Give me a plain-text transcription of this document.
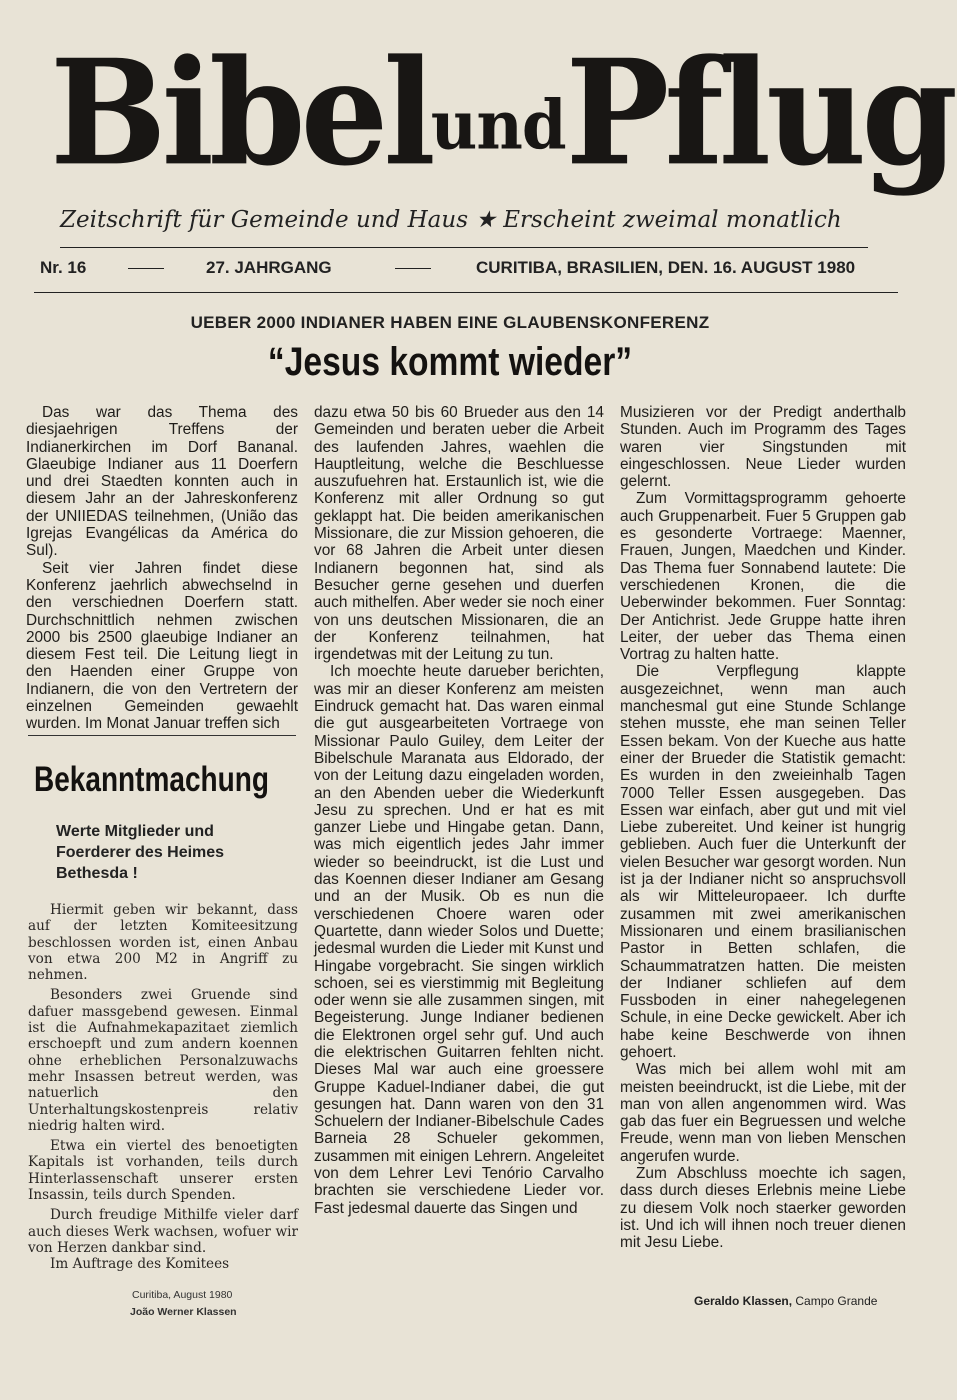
BibelundPflug
Zeitschrift für Gemeinde und Haus ★ Erscheint zweimal monatlich
Nr. 16	27. JAHRGANG	CURITIBA, BRASILIEN, DEN. 16. AUGUST 1980
UEBER 2000 INDIANER HABEN EINE GLAUBENSKONFERENZ
“Jesus kommt wieder”

Das war das Thema des diesjaehrigen Treffens der Indianerkirchen im Dorf Bananal. Glaeubige Indianer aus 11 Doerfern und drei Staedten konnten auch in diesem Jahr an der Jahreskonferenz der UNIIEDAS teilnehmen, (União das Igrejas Evangélicas da América do Sul).

Seit vier Jahren findet diese Konferenz jaehrlich abwechselnd in den verschiednen Doerfern statt. Durchschnittlich nehmen zwischen 2000 bis 2500 glaeubige Indianer an diesem Fest teil. Die Leitung liegt in den Haenden einer Gruppe von Indianern, die von den Vertretern der einzelnen Gemeinden gewaehlt wurden. Im Monat Januar treffen sich

dazu etwa 50 bis 60 Brueder aus den 14 Gemeinden und beraten ueber die Arbeit des laufenden Jahres, waehlen die Hauptleitung, welche die Beschluesse auszufuehren hat. Erstaunlich ist, wie die Konferenz mit aller Ordnung so gut geklappt hat. Die beiden amerikanischen Missionare, die zur Mission gehoeren, die vor 68 Jahren die Arbeit unter diesen Indianern begonnen hat, sind als Besucher gerne gesehen und duerfen auch mithelfen. Aber weder sie noch einer von uns deutschen Missionaren, die an der Konferenz teilnahmen, hat irgendetwas mit der Leitung zu tun.

Ich moechte heute darueber berichten, was mir an dieser Konferenz am meisten Eindruck gemacht hat. Das waren einmal die gut ausgearbeiteten Vortraege von Missionar Paulo Guiley, dem Leiter der Bibelschule Maranata aus Eldorado, der von der Leitung dazu eingeladen worden, an den Abenden ueber die Wiederkunft Jesu zu sprechen. Und er hat es mit ganzer Liebe und Hingabe getan. Dann, was mich eigentlich jedes Jahr immer wieder so beeindruckt, ist die Lust und das Koennen dieser Indianer am Gesang und an der Musik. Ob es nun die verschiedenen Choere waren oder Quartette, dann wieder Solos und Duette; jedesmal wurden die Lieder mit Kunst und Hingabe vorgebracht. Sie singen wirklich schoen, sei es vierstimmig mit Begleitung oder wenn sie alle zusammen singen, mit Begeisterung. Junge Indianer bedienen die Elektronen orgel sehr guf. Und auch die elektrischen Guitarren fehlten nicht. Dieses Mal war auch eine groessere Gruppe Kaduel-Indianer dabei, die gut gesungen hat. Dann waren von den 31 Schuelern der Indianer-Bibelschule Cades Barneia 28 Schueler gekommen, zusammen mit einigen Lehrern. Angeleitet von dem Lehrer Levi Tenório Carvalho brachten sie verschiedene Lieder vor. Fast jedesmal dauerte das Singen und

Musizieren vor der Predigt anderthalb Stunden. Auch im Programm des Tages waren vier Singstunden mit eingeschlossen. Neue Lieder wurden gelernt.

Zum Vormittagsprogramm gehoerte auch Gruppenarbeit. Fuer 5 Gruppen gab es gesonderte Vortraege: Maenner, Frauen, Jungen, Maedchen und Kinder. Das Thema fuer Sonnabend lautete: Die verschiedenen Kronen, die die Ueberwinder bekommen. Fuer Sonntag: Der Antichrist. Jede Gruppe hatte ihren Leiter, der ueber das Thema einen Vortrag zu halten hatte.

Die Verpflegung klappte ausgezeichnet, wenn man auch manchesmal gut eine Stunde Schlange stehen musste, ehe man seinen Teller Essen bekam. Von der Kueche aus hatte einer der Brueder die Statistik gemacht: Es wurden in den zweieinhalb Tagen 7000 Teller Essen ausgegeben. Das Essen war einfach, aber gut und mit viel Liebe zubereitet. Und keiner ist hungrig geblieben. Auch fuer die Unterkunft der vielen Besucher war gesorgt worden. Nun ist ja der Indianer nicht so anspruchsvoll als wir Mitteleuropaeer. Ich durfte zusammen mit zwei amerikanischen Missionaren und einem brasilianischen Pastor in Betten schlafen, die Schaummatratzen hatten. Die meisten der Indianer schliefen auf dem Fussboden in einer nahegelegenen Schule, in eine Decke gewickelt. Aber ich habe keine Beschwerde von ihnen gehoert.

Was mich bei allem wohl mit am meisten beeindruckt, ist die Liebe, mit der man von allen angenommen wird. Was gab das fuer ein Begruessen und welche Freude, wenn man von lieben Menschen angerufen wurde.

Zum Abschluss moechte ich sagen, dass durch dieses Erlebnis meine Liebe zu diesem Volk noch staerker geworden ist. Und ich will ihnen noch treuer dienen mit Jesu Liebe.

Geraldo Klassen, Campo Grande
Bekanntmachung
Werte Mitglieder und Foerderer des Heimes Bethesda !

Hiermit geben wir bekannt, dass auf der letzten Komiteesitzung beschlossen worden ist, einen Anbau von etwa 200 M2 in Angriff zu nehmen.

Besonders zwei Gruende sind dafuer massgebend gewesen. Einmal ist die Aufnahmekapazitaet ziemlich erschoepft und zum andern koennen ohne erheblichen Personalzuwachs mehr Insassen betreut werden, was natuerlich den Unterhaltungskostenpreis relativ niedrig halten wird.

Etwa ein viertel des benoetigten Kapitals ist vorhanden, teils durch Hinterlassenschaft unserer ersten Insassin, teils durch Spenden.

Durch freudige Mithilfe vieler darf auch dieses Werk wachsen, wofuer wir von Herzen dankbar sind.

Im Auftrage des Komitees

Curitiba, August 1980
João Werner Klassen
